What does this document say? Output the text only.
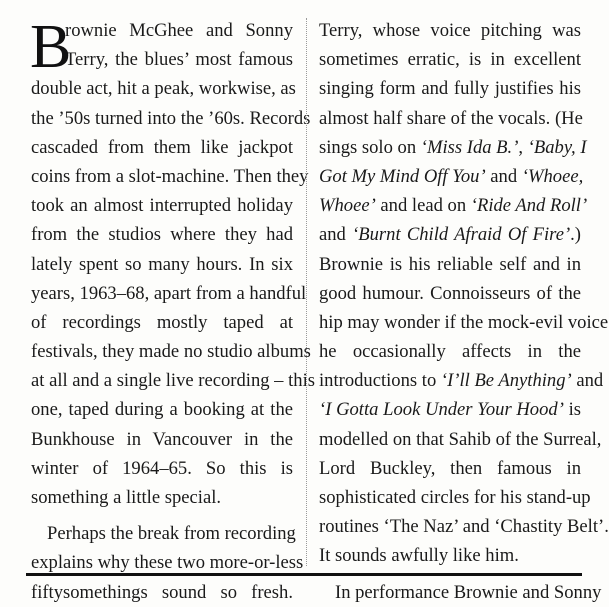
B
rownie McGhee and Sonny
Terry, the blues’ most famous
double act, hit a peak, workwise, as
the ’50s turned into the ’60s. Records
cascaded from them like jackpot
coins from a slot-machine. Then they
took an almost interrupted holiday
from the studios where they had
lately spent so many hours. In six
years, 1963–68, apart from a handful
of recordings mostly taped at
festivals, they made no studio albums
at all and a single live recording – this
one, taped during a booking at the
Bunkhouse in Vancouver in the
winter of 1964–65. So this is
something a little special.
Perhaps the break from recording
explains why these two more-or-less
fiftysomethings sound so fresh.
Terry, whose voice pitching was
sometimes erratic, is in excellent
singing form and fully justifies his
almost half share of the vocals. (He
sings solo on ‘Miss Ida B.’, ‘Baby, I
Got My Mind Off You’ and ‘Whoee,
Whoee’ and lead on ‘Ride And Roll’
and ‘Burnt Child Afraid Of Fire’.)
Brownie is his reliable self and in
good humour. Connoisseurs of the
hip may wonder if the mock-evil voice
he occasionally affects in the
introductions to ‘I’ll Be Anything’ and
‘I Gotta Look Under Your Hood’ is
modelled on that Sahib of the Surreal,
Lord Buckley, then famous in
sophisticated circles for his stand-up
routines ‘The Naz’ and ‘Chastity Belt’.
It sounds awfully like him.
In performance Brownie and Sonny
